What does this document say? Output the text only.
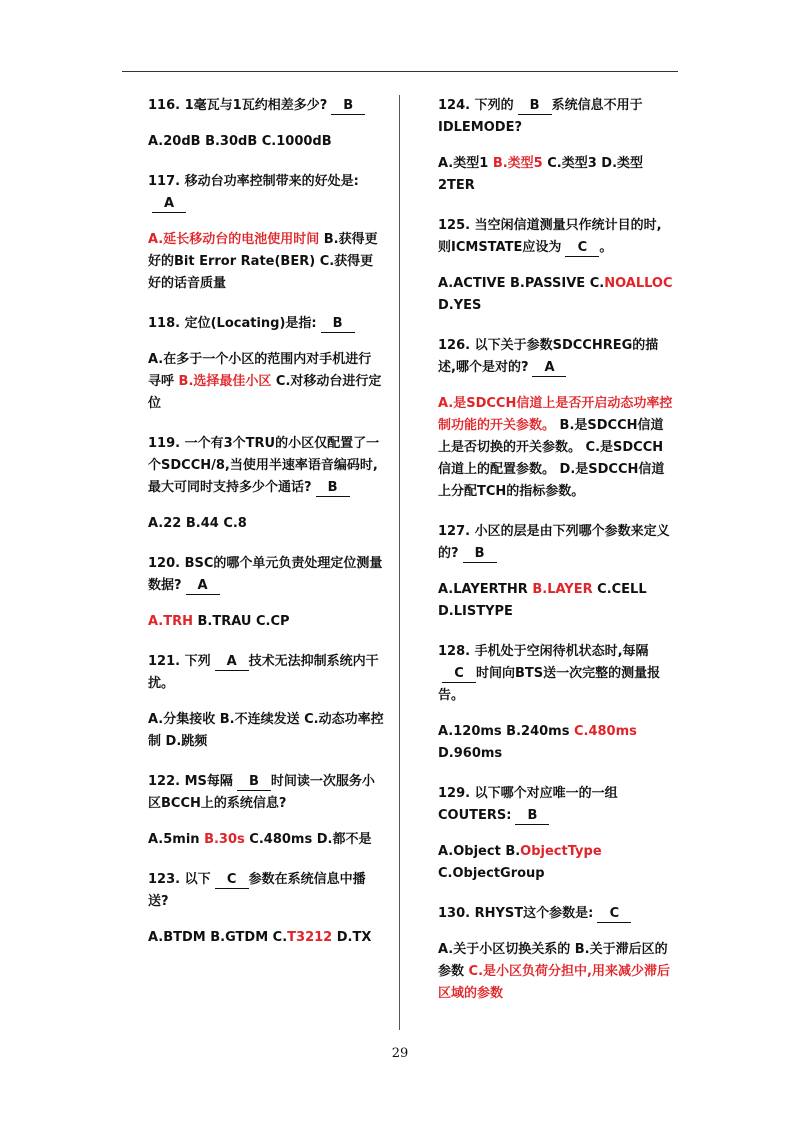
116. 1毫瓦与1瓦约相差多少? B

A.20dB B.30dB C.1000dB

117. 移动台功率控制带来的好处是:A

A.延长移动台的电池使用时间 B.获得更好的Bit Error Rate(BER) C.获得更好的话音质量

118. 定位(Locating)是指: B

A.在多于一个小区的范围内对手机进行寻呼 B.选择最佳小区 C.对移动台进行定位

119. 一个有3个TRU的小区仅配置了一个SDCCH/8,当使用半速率语音编码时,最大可同时支持多少个通话? B

A.22 B.44 C.8

120. BSC的哪个单元负责处理定位测量数据? A

A.TRH B.TRAU C.CP

121. 下列 A 技术无法抑制系统内干扰。

A.分集接收 B.不连续发送 C.动态功率控制 D.跳频

122. MS每隔 B 时间读一次服务小区BCCH上的系统信息?

A.5min B.30s C.480ms D.都不是

123. 以下 C 参数在系统信息中播送?

A.BTDM B.GTDM C.T3212 D.TX

124. 下列的 B 系统信息不用于IDLEMODE?

A.类型1 B.类型5 C.类型3 D.类型2TER

125. 当空闲信道测量只作统计目的时,则ICMSTATE应设为 C 。

A.ACTIVE B.PASSIVE C.NOALLOC D.YES

126. 以下关于参数SDCCHREG的描述,哪个是对的? A

A.是SDCCH信道上是否开启动态功率控制功能的开关参数。 B.是SDCCH信道上是否切换的开关参数。 C.是SDCCH信道上的配置参数。 D.是SDCCH信道上分配TCH的指标参数。

127. 小区的层是由下列哪个参数来定义的? B

A.LAYERTHR B.LAYER C.CELL D.LISTYPE

128. 手机处于空闲待机状态时,每隔C 时间向BTS送一次完整的测量报告。

A.120ms B.240ms C.480ms D.960ms

129. 以下哪个对应唯一的一组COUTERS: B

A.Object B.ObjectType C.ObjectGroup

130. RHYST这个参数是: C

A.关于小区切换关系的 B.关于滞后区的参数 C.是小区负荷分担中,用来减少滞后区域的参数

29
